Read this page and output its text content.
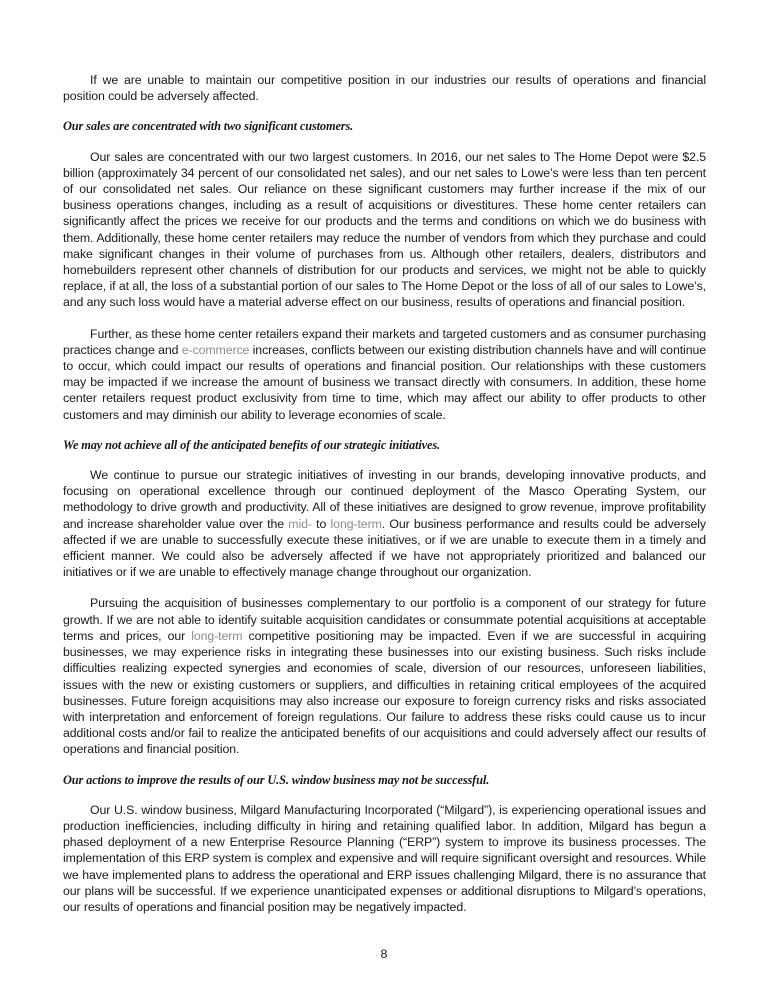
If we are unable to maintain our competitive position in our industries our results of operations and financial position could be adversely affected.

Our sales are concentrated with two significant customers.

Our sales are concentrated with our two largest customers. In 2016, our net sales to The Home Depot were $2.5 billion (approximately 34 percent of our consolidated net sales), and our net sales to Lowe’s were less than ten percent of our consolidated net sales. Our reliance on these significant customers may further increase if the mix of our business operations changes, including as a result of acquisitions or divestitures. These home center retailers can significantly affect the prices we receive for our products and the terms and conditions on which we do business with them. Additionally, these home center retailers may reduce the number of vendors from which they purchase and could make significant changes in their volume of purchases from us. Although other retailers, dealers, distributors and homebuilders represent other channels of distribution for our products and services, we might not be able to quickly replace, if at all, the loss of a substantial portion of our sales to The Home Depot or the loss of all of our sales to Lowe’s, and any such loss would have a material adverse effect on our business, results of operations and financial position.

Further, as these home center retailers expand their markets and targeted customers and as consumer purchasing practices change and e-commerce increases, conflicts between our existing distribution channels have and will continue to occur, which could impact our results of operations and financial position. Our relationships with these customers may be impacted if we increase the amount of business we transact directly with consumers. In addition, these home center retailers request product exclusivity from time to time, which may affect our ability to offer products to other customers and may diminish our ability to leverage economies of scale.

We may not achieve all of the anticipated benefits of our strategic initiatives.

We continue to pursue our strategic initiatives of investing in our brands, developing innovative products, and focusing on operational excellence through our continued deployment of the Masco Operating System, our methodology to drive growth and productivity. All of these initiatives are designed to grow revenue, improve profitability and increase shareholder value over the mid- to long-term. Our business performance and results could be adversely affected if we are unable to successfully execute these initiatives, or if we are unable to execute them in a timely and efficient manner. We could also be adversely affected if we have not appropriately prioritized and balanced our initiatives or if we are unable to effectively manage change throughout our organization.

Pursuing the acquisition of businesses complementary to our portfolio is a component of our strategy for future growth. If we are not able to identify suitable acquisition candidates or consummate potential acquisitions at acceptable terms and prices, our long-term competitive positioning may be impacted. Even if we are successful in acquiring businesses, we may experience risks in integrating these businesses into our existing business. Such risks include difficulties realizing expected synergies and economies of scale, diversion of our resources, unforeseen liabilities, issues with the new or existing customers or suppliers, and difficulties in retaining critical employees of the acquired businesses. Future foreign acquisitions may also increase our exposure to foreign currency risks and risks associated with interpretation and enforcement of foreign regulations. Our failure to address these risks could cause us to incur additional costs and/or fail to realize the anticipated benefits of our acquisitions and could adversely affect our results of operations and financial position.

Our actions to improve the results of our U.S. window business may not be successful.

Our U.S. window business, Milgard Manufacturing Incorporated (“Milgard”), is experiencing operational issues and production inefficiencies, including difficulty in hiring and retaining qualified labor. In addition, Milgard has begun a phased deployment of a new Enterprise Resource Planning (“ERP”) system to improve its business processes. The implementation of this ERP system is complex and expensive and will require significant oversight and resources. While we have implemented plans to address the operational and ERP issues challenging Milgard, there is no assurance that our plans will be successful. If we experience unanticipated expenses or additional disruptions to Milgard’s operations, our results of operations and financial position may be negatively impacted.

8
